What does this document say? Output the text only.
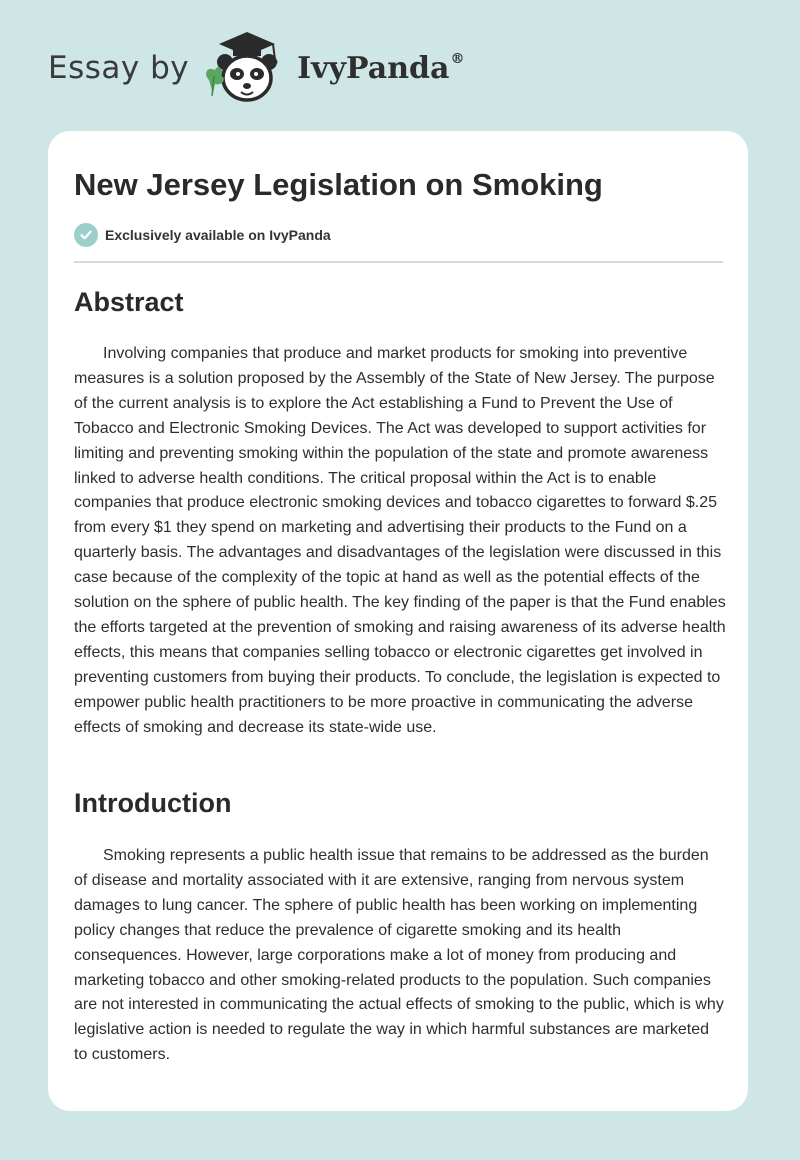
Essay by	IvyPanda®
New Jersey Legislation on Smoking
Exclusively available on IvyPanda
Abstract

Involving companies that produce and market products for smoking into preventive measures is a solution proposed by the Assembly of the State of New Jersey. The purpose of the current analysis is to explore the Act establishing a Fund to Prevent the Use of Tobacco and Electronic Smoking Devices. The Act was developed to support activities for limiting and preventing smoking within the population of the state and promote awareness linked to adverse health conditions. The critical proposal within the Act is to enable companies that produce electronic smoking devices and tobacco cigarettes to forward $.25 from every $1 they spend on marketing and advertising their products to the Fund on a quarterly basis. The advantages and disadvantages of the legislation were discussed in this case because of the complexity of the topic at hand as well as the potential effects of the solution on the sphere of public health. The key finding of the paper is that the Fund enables the efforts targeted at the prevention of smoking and raising awareness of its adverse health effects, this means that companies selling tobacco or electronic cigarettes get involved in preventing customers from buying their products. To conclude, the legislation is expected to empower public health practitioners to be more proactive in communicating the adverse effects of smoking and decrease its state-wide use.

Introduction

Smoking represents a public health issue that remains to be addressed as the burden of disease and mortality associated with it are extensive, ranging from nervous system damages to lung cancer. The sphere of public health has been working on implementing policy changes that reduce the prevalence of cigarette smoking and its health consequences. However, large corporations make a lot of money from producing and marketing tobacco and other smoking-related products to the population. Such companies are not interested in communicating the actual effects of smoking to the public, which is why legislative action is needed to regulate the way in which harmful substances are marketed to customers.
